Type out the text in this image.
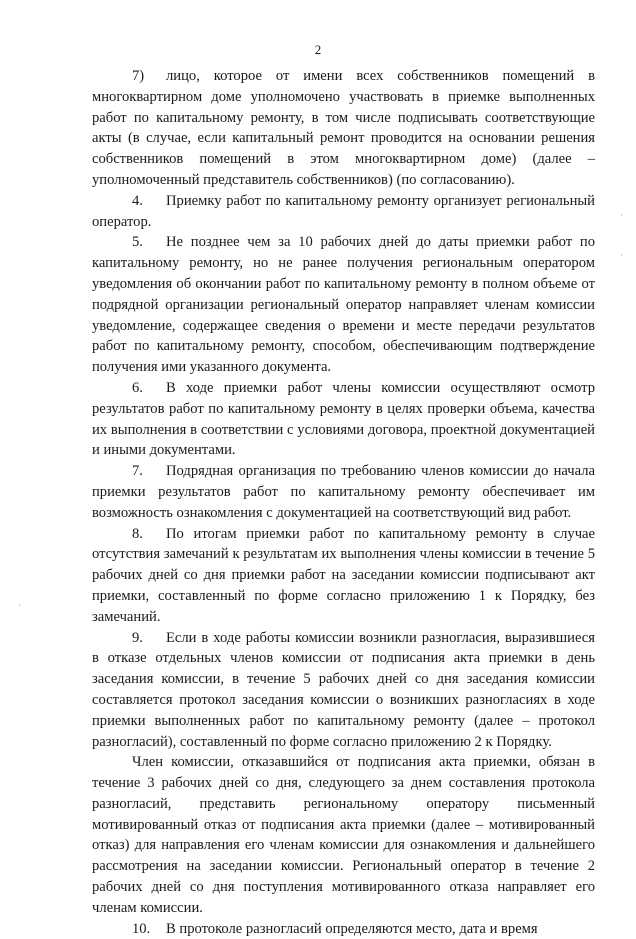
2

7) лицо, которое от имени всех собственников помещений в многоквартирном доме уполномочено участвовать в приемке выполненных работ по капитальному ремонту, в том числе подписывать соответствующие акты (в случае, если капитальный ремонт проводится на основании решения собственников помещений в этом многоквартирном доме) (далее – уполномоченный представитель собственников) (по согласованию).

4. Приемку работ по капитальному ремонту организует региональный оператор.

5. Не позднее чем за 10 рабочих дней до даты приемки работ по капитальному ремонту, но не ранее получения региональным оператором уведомления об окончании работ по капитальному ремонту в полном объеме от подрядной организации региональный оператор направляет членам комиссии уведомление, содержащее сведения о времени и месте передачи результатов работ по капитальному ремонту, способом, обеспечивающим подтверждение получения ими указанного документа.

6. В ходе приемки работ члены комиссии осуществляют осмотр результатов работ по капитальному ремонту в целях проверки объема, качества их выполнения в соответствии с условиями договора, проектной документацией и иными документами.

7. Подрядная организация по требованию членов комиссии до начала приемки результатов работ по капитальному ремонту обеспечивает им возможность ознакомления с документацией на соответствующий вид работ.

8. По итогам приемки работ по капитальному ремонту в случае отсутствия замечаний к результатам их выполнения члены комиссии в течение 5 рабочих дней со дня приемки работ на заседании комиссии подписывают акт приемки, составленный по форме согласно приложению 1 к Порядку, без замечаний.

9. Если в ходе работы комиссии возникли разногласия, выразившиеся в отказе отдельных членов комиссии от подписания акта приемки в день заседания комиссии, в течение 5 рабочих дней со дня заседания комиссии составляется протокол заседания комиссии о возникших разногласиях в ходе приемки выполненных работ по капитальному ремонту (далее – протокол разногласий), составленный по форме согласно приложению 2 к Порядку.

Член комиссии, отказавшийся от подписания акта приемки, обязан в течение 3 рабочих дней со дня, следующего за днем составления протокола разногласий, представить региональному оператору письменный мотивированный отказ от подписания акта приемки (далее – мотивированный отказ) для направления его членам комиссии для ознакомления и дальнейшего рассмотрения на заседании комиссии. Региональный оператор в течение 2 рабочих дней со дня поступления мотивированного отказа направляет его членам комиссии.

10. В протоколе разногласий определяются место, дата и время

·
·
·
